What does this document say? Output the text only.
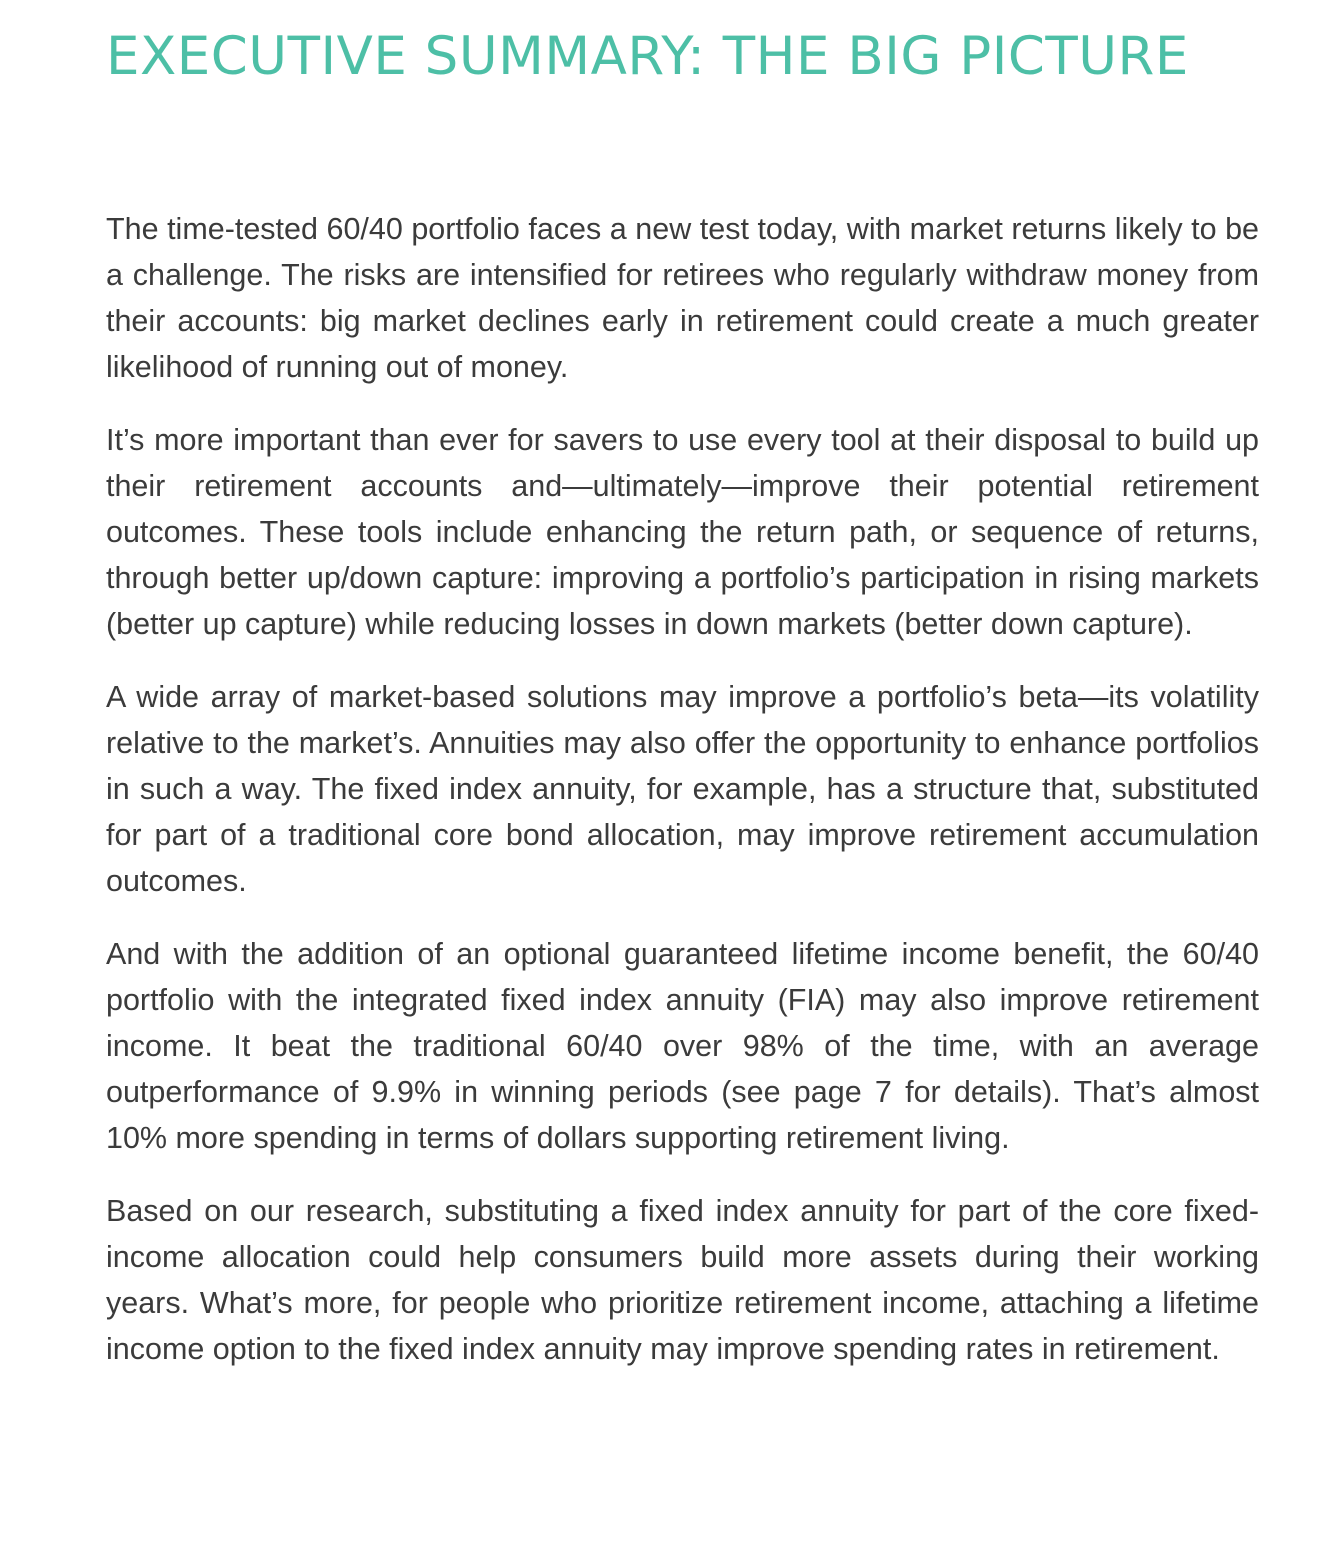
EXECUTIVE SUMMARY: THE BIG PICTURE

The time-tested 60/40 portfolio faces a new test today, with market returns likely to be a challenge. The risks are intensified for retirees who regularly withdraw money from their accounts: big market declines early in retirement could create a much greater likelihood of running out of money.

It’s more important than ever for savers to use every tool at their disposal to build up their retirement accounts and—ultimately—improve their potential retirement outcomes. These tools include enhancing the return path, or sequence of returns, through better up/down capture: improving a portfolio’s participation in rising markets (better up capture) while reducing losses in down markets (better down capture).

A wide array of market-based solutions may improve a portfolio’s beta—its volatility relative to the market’s. Annuities may also offer the opportunity to enhance portfolios in such a way. The fixed index annuity, for example, has a structure that, substituted for part of a traditional core bond allocation, may improve retirement accumulation outcomes.

And with the addition of an optional guaranteed lifetime income benefit, the 60/40 portfolio with the integrated fixed index annuity (FIA) may also improve retirement income. It beat the traditional 60/40 over 98% of the time, with an average outperformance of 9.9% in winning periods (see page 7 for details). That’s almost 10% more spending in terms of dollars supporting retirement living.

Based on our research, substituting a fixed index annuity for part of the core fixed-income allocation could help consumers build more assets during their working years. What’s more, for people who prioritize retirement income, attaching a lifetime income option to the fixed index annuity may improve spending rates in retirement.
